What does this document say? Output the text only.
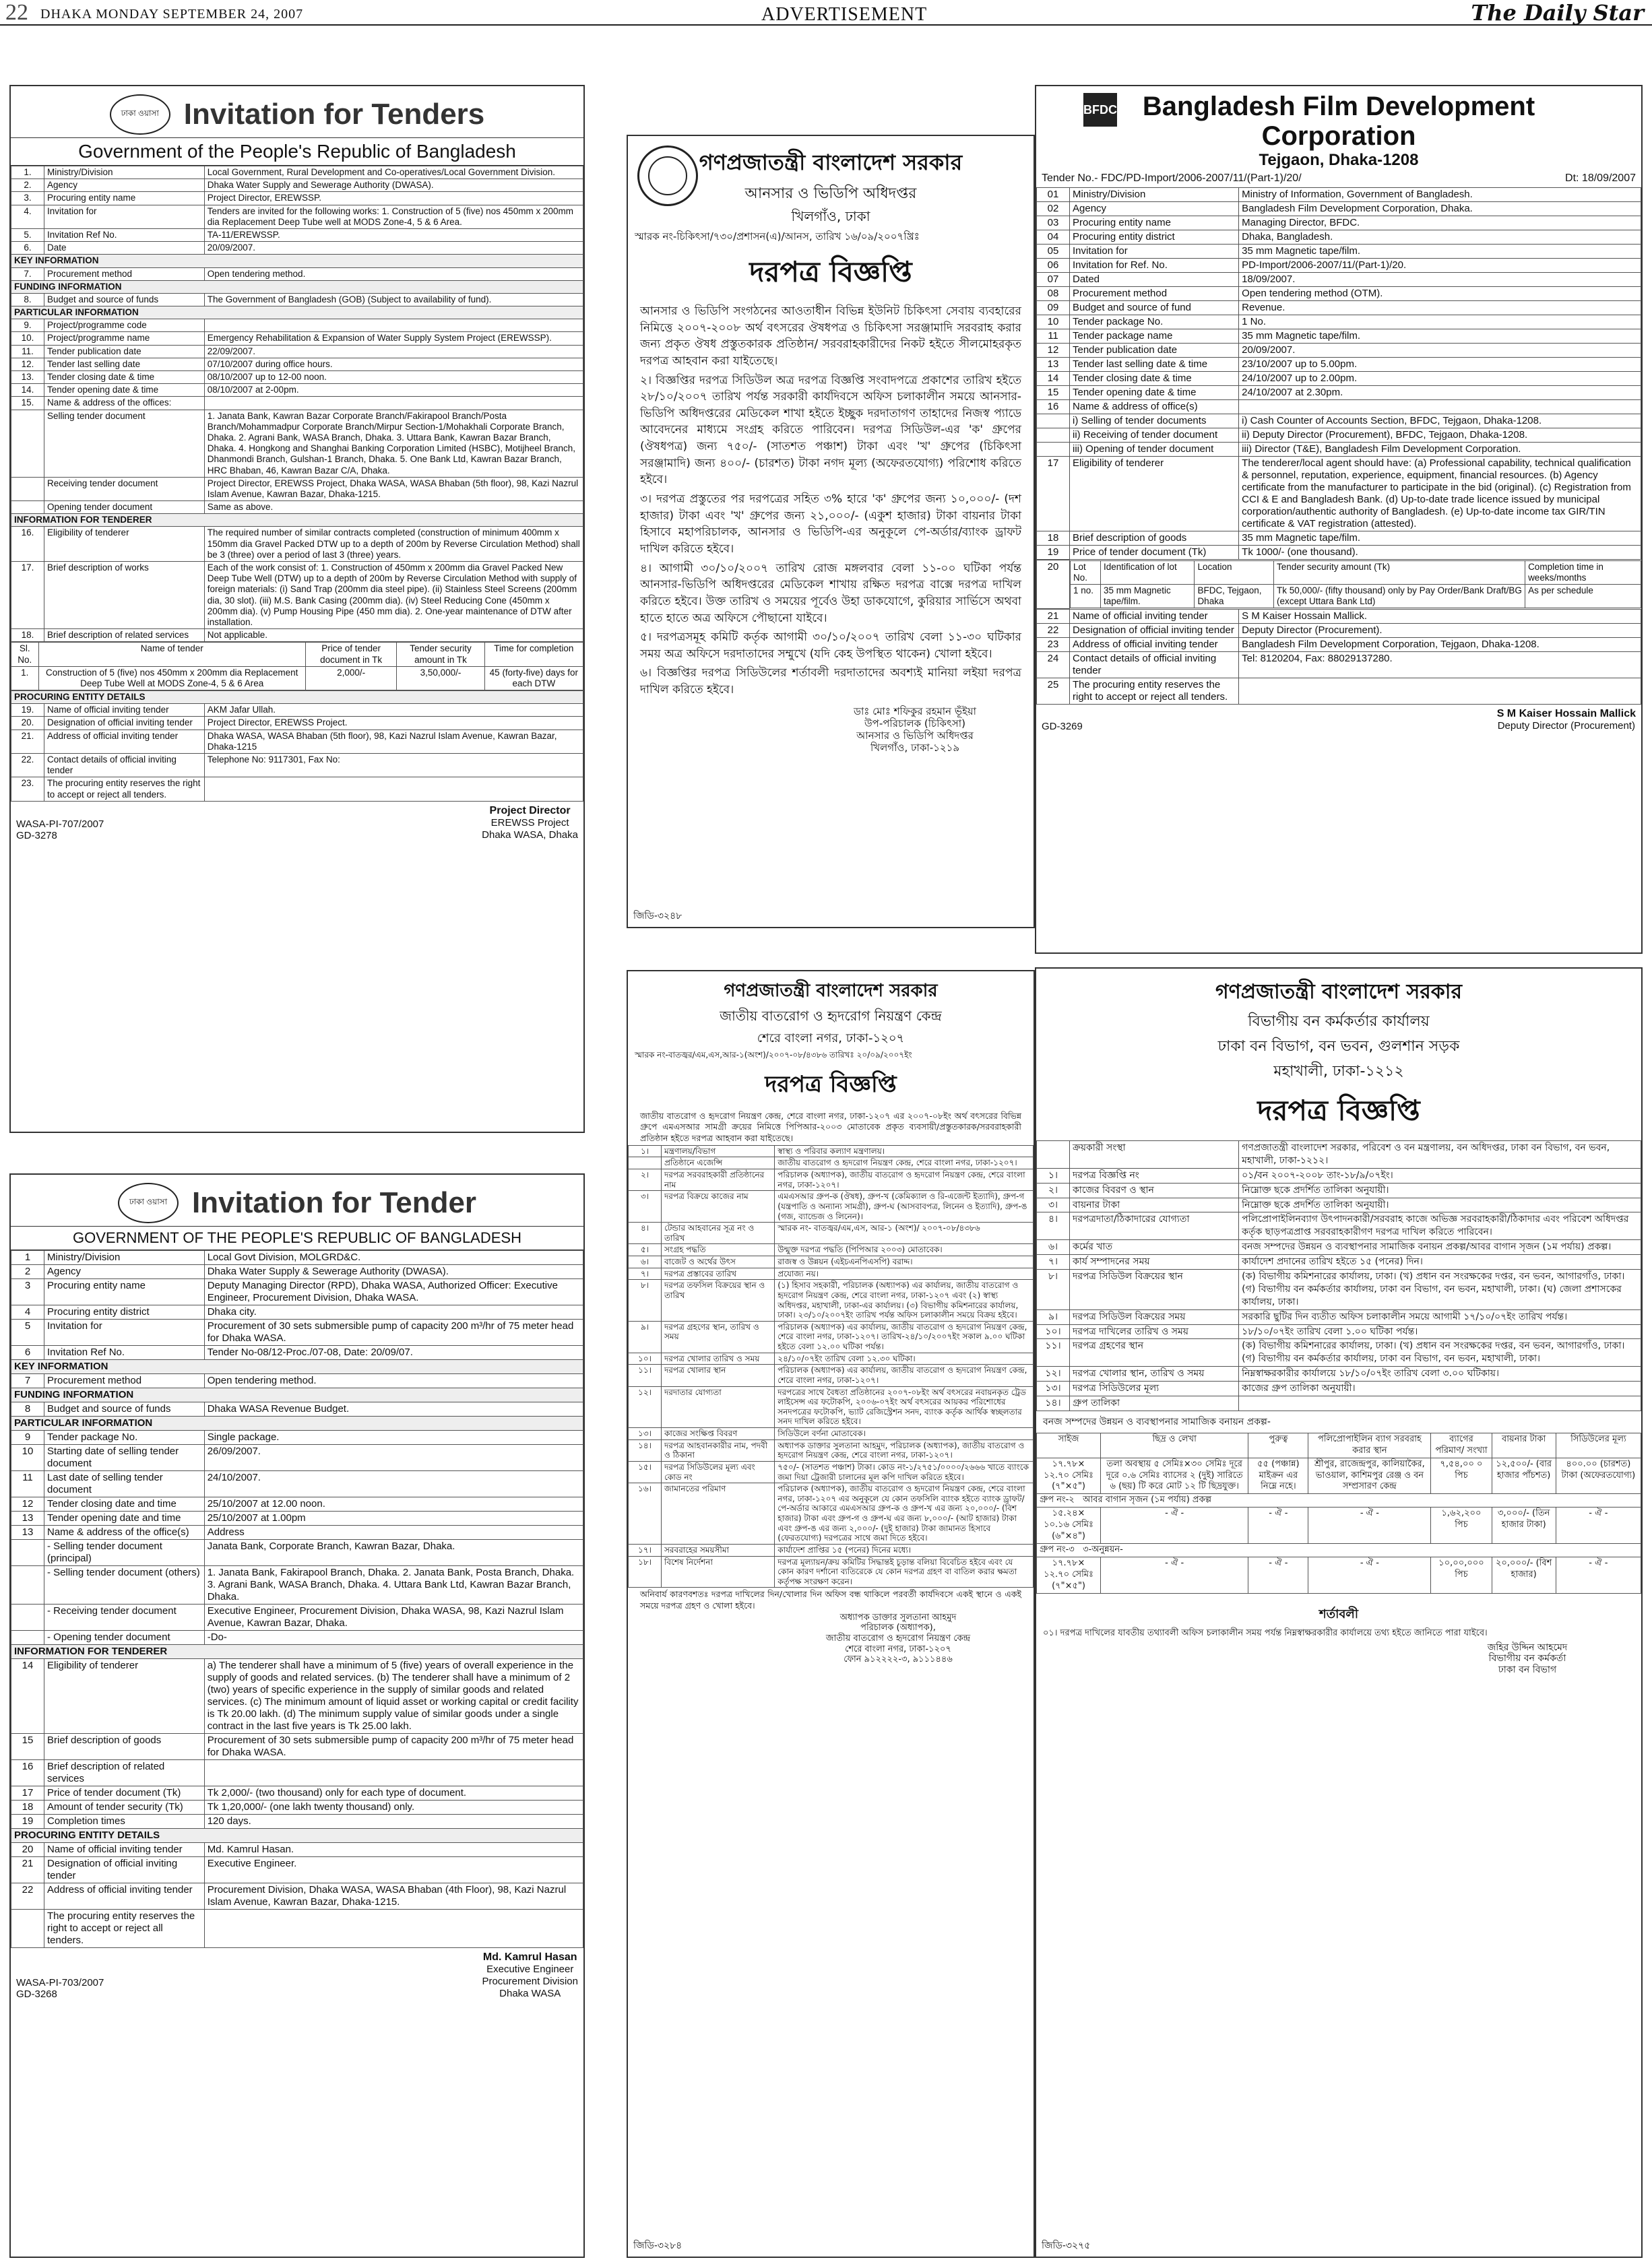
22 DHAKA MONDAY SEPTEMBER 24, 2007	ADVERTISEMENT	The Daily Star
ঢাকা ওয়াসা Invitation for Tenders
Government of the People's Republic of Bangladesh
1.	Ministry/Division	Local Government, Rural Development and Co-operatives/Local Government Division.
2.	Agency	Dhaka Water Supply and Sewerage Authority (DWASA).
3.	Procuring entity name	Project Director, EREWSSP.
4.	Invitation for	Tenders are invited for the following works: 1. Construction of 5 (five) nos 450mm x 200mm dia Replacement Deep Tube well at MODS Zone-4, 5 & 6 Area.
5.	Invitation Ref No.	TA-11/EREWSSP.
6.	Date	20/09/2007.
KEY INFORMATION		
7.	Procurement method	Open tendering method.
FUNDING INFORMATION		
8.	Budget and source of funds	The Government of Bangladesh (GOB) (Subject to availability of fund).
PARTICULAR INFORMATION		
9.	Project/programme code	
10.	Project/programme name	Emergency Rehabilitation & Expansion of Water Supply System Project (EREWSSP).
11.	Tender publication date	22/09/2007.
12.	Tender last selling date	07/10/2007 during office hours.
13.	Tender closing date & time	08/10/2007 up to 12-00 noon.
14.	Tender opening date & time	08/10/2007 at 2-00pm.
15.	Name & address of the offices:	
	Selling tender document	1. Janata Bank, Kawran Bazar Corporate Branch/Fakirapool Branch/Posta Branch/Mohammadpur Corporate Branch/Mirpur Section-1/Mohakhali Corporate Branch, Dhaka. 2. Agrani Bank, WASA Branch, Dhaka. 3. Uttara Bank, Kawran Bazar Branch, Dhaka. 4. Hongkong and Shanghai Banking Corporation Limited (HSBC), Motijheel Branch, Dhanmondi Branch, Gulshan-1 Branch, Dhaka. 5. One Bank Ltd, Kawran Bazar Branch, HRC Bhaban, 46, Kawran Bazar C/A, Dhaka.
	Receiving tender document	Project Director, EREWSS Project, Dhaka WASA, WASA Bhaban (5th floor), 98, Kazi Nazrul Islam Avenue, Kawran Bazar, Dhaka-1215.
	Opening tender document	Same as above.
INFORMATION FOR TENDERER		
16.	Eligibility of tenderer	The required number of similar contracts completed (construction of minimum 400mm x 150mm dia Gravel Packed DTW up to a depth of 200m by Reverse Circulation Method) shall be 3 (three) over a period of last 3 (three) years.
17.	Brief description of works	Each of the work consist of: 1. Construction of 450mm x 200mm dia Gravel Packed New Deep Tube Well (DTW) up to a depth of 200m by Reverse Circulation Method with supply of foreign materials: (i) Sand Trap (200mm dia steel pipe). (ii) Stainless Steel Screens (200mm dia, 30 slot). (iii) M.S. Bank Casing (200mm dia). (iv) Steel Reducing Cone (450mm x 200mm dia). (v) Pump Housing Pipe (450 mm dia). 2. One-year maintenance of DTW after installation.
18.	Brief description of related services	Not applicable.
Sl. No.	Name of tender	Price of tender document in Tk	Tender security amount in Tk	Time for completion
1.	Construction of 5 (five) nos 450mm x 200mm dia Replacement Deep Tube Well at MODS Zone-4, 5 & 6 Area	2,000/-	3,50,000/-	45 (forty-five) days for each DTW
PROCURING ENTITY DETAILS		
19.	Name of official inviting tender	AKM Jafar Ullah.
20.	Designation of official inviting tender	Project Director, EREWSS Project.
21.	Address of official inviting tender	Dhaka WASA, WASA Bhaban (5th floor), 98, Kazi Nazrul Islam Avenue, Kawran Bazar, Dhaka-1215
22.	Contact details of official inviting tender	Telephone No: 9117301, Fax No:
23.	The procuring entity reserves the right to accept or reject all tenders.	
WASA-PI-707/2007
GD-3278
Project Director
EREWSS Project
Dhaka WASA, Dhaka
ঢাকা ওয়াসা Invitation for Tender
GOVERNMENT OF THE PEOPLE'S REPUBLIC OF BANGLADESH
1	Ministry/Division	Local Govt Division, MOLGRD&C.
2	Agency	Dhaka Water Supply & Sewerage Authority (DWASA).
3	Procuring entity name	Deputy Managing Director (RPD), Dhaka WASA, Authorized Officer: Executive Engineer, Procurement Division, Dhaka WASA.
4	Procuring entity district	Dhaka city.
5	Invitation for	Procurement of 30 sets submersible pump of capacity 200 m³/hr of 75 meter head for Dhaka WASA.
6	Invitation Ref No.	Tender No-08/12-Proc./07-08, Date: 20/09/07.
KEY INFORMATION		
7	Procurement method	Open tendering method.
FUNDING INFORMATION		
8	Budget and source of funds	Dhaka WASA Revenue Budget.
PARTICULAR INFORMATION		
9	Tender package No.	Single package.
10	Starting date of selling tender document	26/09/2007.
11	Last date of selling tender document	24/10/2007.
12	Tender closing date and time	25/10/2007 at 12.00 noon.
13	Tender opening date and time	25/10/2007 at 1.00pm
13	Name & address of the office(s)	Address
	- Selling tender document (principal)	Janata Bank, Corporate Branch, Kawran Bazar, Dhaka.
	- Selling tender document (others)	1. Janata Bank, Fakirapool Branch, Dhaka. 2. Janata Bank, Posta Branch, Dhaka. 3. Agrani Bank, WASA Branch, Dhaka. 4. Uttara Bank Ltd, Kawran Bazar Branch, Dhaka.
	- Receiving tender document	Executive Engineer, Procurement Division, Dhaka WASA, 98, Kazi Nazrul Islam Avenue, Kawran Bazar, Dhaka.
	- Opening tender document	-Do-
INFORMATION FOR TENDERER		
14	Eligibility of tenderer	a) The tenderer shall have a minimum of 5 (five) years of overall experience in the supply of goods and related services. (b) The tenderer shall have a minimum of 2 (two) years of specific experience in the supply of similar goods and related services. (c) The minimum amount of liquid asset or working capital or credit facility is Tk 20.00 lakh. (d) The minimum supply value of similar goods under a single contract in the last five years is Tk 25.00 lakh.
15	Brief description of goods	Procurement of 30 sets submersible pump of capacity 200 m³/hr of 75 meter head for Dhaka WASA.
16	Brief description of related services	
17	Price of tender document (Tk)	Tk 2,000/- (two thousand) only for each type of document.
18	Amount of tender security (Tk)	Tk 1,20,000/- (one lakh twenty thousand) only.
19	Completion times	120 days.
PROCURING ENTITY DETAILS		
20	Name of official inviting tender	Md. Kamrul Hasan.
21	Designation of official inviting tender	Executive Engineer.
22	Address of official inviting tender	Procurement Division, Dhaka WASA, WASA Bhaban (4th Floor), 98, Kazi Nazrul Islam Avenue, Kawran Bazar, Dhaka-1215.
	The procuring entity reserves the right to accept or reject all tenders.	
WASA-PI-703/2007
GD-3268
Md. Kamrul Hasan
Executive Engineer
Procurement Division
Dhaka WASA
গণপ্রজাতন্ত্রী বাংলাদেশ সরকার
আনসার ও ভিডিপি অধিদপ্তর
খিলগাঁও, ঢাকা
স্মারক নং-চিকিৎসা/৭৩০/প্রশাসন(এ)/আনস, তারিখ ১৬/০৯/২০০৭খ্রিঃ
দরপত্র বিজ্ঞপ্তি
আনসার ও ভিডিপি সংগঠনের আওতাধীন বিভিন্ন ইউনিট চিকিৎসা সেবায় ব্যবহারের নিমিত্তে ২০০৭-২০০৮ অর্থ বৎসরের ঔষধপত্র ও চিকিৎসা সরঞ্জামাদি সরবরাহ করার জন্য প্রকৃত ঔষধ প্রস্তুতকারক প্রতিষ্ঠান/ সরবরাহকারীদের নিকট হইতে সীলমোহরকৃত দরপত্র আহবান করা যাইতেছে।
২। বিজ্ঞপ্তির দরপত্র সিডিউল অত্র দরপত্র বিজ্ঞপ্তি সংবাদপত্রে প্রকাশের তারিখ হইতে ২৮/১০/২০০৭ তারিখ পর্যন্ত সরকারী কার্যদিবসে অফিস চলাকালীন সময়ে আনসার-ভিডিপি অধিদপ্তরের মেডিকেল শাখা হইতে ইচ্ছুক দরদাতাগণ তাহাদের নিজস্ব প্যাডে আবেদনের মাধ্যমে সংগ্রহ করিতে পারিবেন। দরপত্র সিডিউল-এর 'ক' গ্রুপের (ঔষধপত্র) জন্য ৭৫০/- (সাতশত পঞ্চাশ) টাকা এবং 'খ' গ্রুপের (চিকিৎসা সরঞ্জামাদি) জন্য ৪০০/- (চারশত) টাকা নগদ মূল্য (অফেরতযোগ্য) পরিশোধ করিতে হইবে।
৩। দরপত্র প্রস্তুতের পর দরপত্রের সহিত ৩% হারে 'ক' গ্রুপের জন্য ১০,০০০/- (দশ হাজার) টাকা এবং 'খ' গ্রুপের জন্য ২১,০০০/- (একুশ হাজার) টাকা বায়নার টাকা হিসাবে মহাপরিচালক, আনসার ও ভিডিপি-এর অনুকূলে পে-অর্ডার/ব্যাংক ড্রাফট দাখিল করিতে হইবে।
৪। আগামী ৩০/১০/২০০৭ তারিখ রোজ মঙ্গলবার বেলা ১১-০০ ঘটিকা পর্যন্ত আনসার-ভিডিপি অধিদপ্তরের মেডিকেল শাখায় রক্ষিত দরপত্র বাক্সে দরপত্র দাখিল করিতে হইবে। উক্ত তারিখ ও সময়ের পূর্বেও উহা ডাকযোগে, কুরিয়ার সার্ভিসে অথবা হাতে হাতে অত্র অফিসে পৌছানো যাইবে।
৫। দরপত্রসমূহ কমিটি কর্তৃক আগামী ৩০/১০/২০০৭ তারিখ বেলা ১১-৩০ ঘটিকার সময় অত্র অফিসে দরদাতাদের সম্মুখে (যদি কেহ উপস্থিত থাকেন) খোলা হইবে।
৬। বিজ্ঞপ্তির দরপত্র সিডিউলের শর্তাবলী দরদাতাদের অবশ্যই মানিয়া লইয়া দরপত্র দাখিল করিতে হইবে।
ডাঃ মোঃ শফিকুর রহমান ভূঁইয়া
উপ-পরিচালক (চিকিৎসা)
আনসার ও ভিডিপি অধিদপ্তর
খিলগাঁও, ঢাকা-১২১৯
জিডি-৩২৪৮
গণপ্রজাতন্ত্রী বাংলাদেশ সরকার
জাতীয় বাতরোগ ও হৃদরোগ নিয়ন্ত্রণ কেন্দ্র
শেরে বাংলা নগর, ঢাকা-১২০৭
স্মারক নং-বাতজ্বর/এম,এস,আর-১(অংশ)/২০০৭-০৮/৪৩৮৬ তারিখঃ ২০/০৯/২০০৭ইং
দরপত্র বিজ্ঞপ্তি
জাতীয় বাতরোগ ও হৃদরোগ নিয়ন্ত্রণ কেন্দ্র, শেরে বাংলা নগর, ঢাকা-১২০৭ এর ২০০৭-০৮ইং অর্থ বৎসরের বিভিন্ন গ্রুপে এমএসআর সামগ্রী ক্রয়ের নিমিত্তে পিপিআর-২০০৩ মোতাবেক প্রকৃত ব্যবসায়ী/প্রস্তুতকারক/সরবরাহকারী প্রতিষ্ঠান হইতে দরপত্র আহবান করা যাইতেছে।
১।	মন্ত্রণালয়/বিভাগ	স্বাস্থ্য ও পরিবার কল্যাণ মন্ত্রণালয়।
	প্রতিষ্ঠানে এজেন্সি	জাতীয় বাতরোগ ও হৃদরোগ নিয়ন্ত্রণ কেন্দ্র, শেরে বাংলা নগর, ঢাকা-১২০৭।
২।	দরপত্র সরবরাহকারী প্রতিষ্ঠানের নাম	পরিচালক (অধ্যাপক), জাতীয় বাতরোগ ও হৃদরোগ নিয়ন্ত্রণ কেন্দ্র, শেরে বাংলা নগর, ঢাকা-১২০৭।
৩।	দরপত্র বিক্রয়ে কাজের নাম	এমএসআর গ্রুপ-ক (ঔষধ), গ্রুপ-খ (কেমিক্যাল ও রি-এজেন্ট ইত্যাদি), গ্রুপ-গ (যন্ত্রপাতি ও অন্যান্য সামগ্রী), গ্রুপ-ঘ (আসবাবপত্র, লিনেন ও ইত্যাদি), গ্রুপ-ঙ (গজ, ব্যান্ডেজ ও লিনেন)।
৪।	টেন্ডার আহবানের সূত্র নং ও তারিখ	স্মারক নং- বাতজ্বর/এম,এস, আর-১ (অংশ)/ ২০০৭-০৮/৪৩৮৬
৫।	সংগ্রহ পদ্ধতি	উন্মুক্ত দরপত্র পদ্ধতি (পিপিআর ২০০৩) মোতাবেক।
৬।	বাজেট ও অর্থের উৎস	রাজস্ব ও উন্নয়ন (এইচএনপিএসপি) বরাদ্দ।
৭।	দরপত্র প্রস্তাবের তারিখ	প্রযোজ্য নয়।
৮।	দরপত্র তফসিল বিক্রয়ের স্থান ও তারিখ	(১) হিসাব সহকারী, পরিচালক (অধ্যাপক) এর কার্যালয়, জাতীয় বাতরোগ ও হৃদরোগ নিয়ন্ত্রণ কেন্দ্র, শেরে বাংলা নগর, ঢাকা-১২০৭ এবং (২) স্বাস্থ্য অধিদপ্তর, মহাখালী, ঢাকা-এর কার্যালয়। (৩) বিভাগীয় কমিশনারের কার্যালয়, ঢাকা। ২৩/১০/২০০৭ইং তারিখ পর্যন্ত অফিস চলাকালীন সময়ে বিক্রয় হইবে।
৯।	দরপত্র গ্রহণের স্থান, তারিখ ও সময়	পরিচালক (অধ্যাপক) এর কার্যালয়, জাতীয় বাতরোগ ও হৃদরোগ নিয়ন্ত্রণ কেন্দ্র, শেরে বাংলা নগর, ঢাকা-১২০৭। তারিখ-২৪/১০/২০০৭ইং সকাল ৯.০০ ঘটিকা হইতে বেলা ১২.০০ ঘটিকা পর্যন্ত।
১০।	দরপত্র খোলার তারিখ ও সময়	২৪/১০/০৭ইং তারিখ বেলা ১২.৩০ ঘটিকা।
১১।	দরপত্র খোলার স্থান	পরিচালক (অধ্যাপক) এর কার্যালয়, জাতীয় বাতরোগ ও হৃদরোগ নিয়ন্ত্রণ কেন্দ্র, শেরে বাংলা নগর, ঢাকা-১২০৭।
১২।	দরদাতার যোগ্যতা	দরপত্রের সাথে বৈধতা প্রতিষ্ঠানের ২০০৭-০৮ইং অর্থ বৎসরের নবায়নকৃত ট্রেড লাইসেন্স এর ফটোকপি, ২০০৬-০৭ইং অর্থ বৎসরের আয়কর পরিশোধের সনদপত্রের ফটোকপি, ভ্যাট রেজিস্ট্রেশন সনদ, ব্যাংক কর্তৃক আর্থিক স্বচ্ছলতার সনদ দাখিল করিতে হইবে।
১৩।	কাজের সংক্ষিপ্ত বিবরণ	সিডিউলে বর্ণনা মোতাবেক।
১৪।	দরপত্র আহবানকারীর নাম, পদবী ও ঠিকানা	অধ্যাপক ডাক্তার সুলতানা আহমুদ, পরিচালক (অধ্যাপক), জাতীয় বাতরোগ ও হৃদরোগ নিয়ন্ত্রণ কেন্দ্র, শেরে বাংলা নগর, ঢাকা-১২০৭।
১৫।	দরপত্র সিডিউলের মূল্য এবং কোড নং	৭৫০/- (সাতশত পঞ্চাশ) টাকা। কোড নং-১/২৭৫১/০০০০/২৬৬৬ খাতে ব্যাংকে জমা দিয়া ট্রেজারী চালানের মূল কপি দাখিল করিতে হইবে।
১৬।	জামানতের পরিমাণ	পরিচালক (অধ্যাপক), জাতীয় বাতরোগ ও হৃদরোগ নিয়ন্ত্রণ কেন্দ্র, শেরে বাংলা নগর, ঢাকা-১২০৭ এর অনুকূলে যে কোন তফসিলি ব্যাংক হইতে ব্যাংক ড্রাফট/পে-অর্ডার আকারে এমএসআর গ্রুপ-ক ও গ্রুপ-খ এর জন্য ২০,০০০/- (বিশ হাজার) টাকা এবং গ্রুপ-গ ও গ্রুপ-ঘ এর জন্য ৮,০০০/- (আট হাজার) টাকা এবং গ্রুপ-ঙ এর জন্য ২,০০০/- (দুই হাজার) টাকা জামানত হিসাবে (ফেরতযোগ্য) দরপত্রের সাথে জমা দিতে হইবে।
১৭।	সরবরাহের সময়সীমা	কার্যাদেশ প্রাপ্তির ১৫ (পনের) দিনের মধ্যে।
১৮।	বিশেষ নির্দেশনা	দরপত্র মূল্যায়ন/ক্রয় কমিটির সিদ্ধান্তই চূড়ান্ত বলিয়া বিবেচিত হইবে এবং যে কোন কারণ দর্শানো ব্যতিরেকে যে কোন দরপত্র গ্রহণ বা বাতিল করার ক্ষমতা কর্তৃপক্ষ সংরক্ষণ করেন।
অনিবার্য কারণবশতঃ দরপত্র দাখিলের দিন/খোলার দিন অফিস বন্ধ থাকিলে পরবর্তী কার্যদিবসে একই স্থানে ও একই সময়ে দরপত্র গ্রহণ ও খোলা হইবে।
অধ্যাপক ডাক্তার সুলতানা আহমুদ
পরিচালক (অধ্যাপক),
জাতীয় বাতরোগ ও হৃদরোগ নিয়ন্ত্রণ কেন্দ্র
শেরে বাংলা নগর, ঢাকা-১২০৭
ফোন ৯১২২২২-৩, ৯১১১৪৪৬
জিডি-৩২৮৪
BFDC Bangladesh Film Development
Corporation
Tejgaon, Dhaka-1208
Tender No.- FDC/PD-Import/2006-2007/11/(Part-1)/20/	Dt: 18/09/2007
01	Ministry/Division	Ministry of Information, Government of Bangladesh.
02	Agency	Bangladesh Film Development Corporation, Dhaka.
03	Procuring entity name	Managing Director, BFDC.
04	Procuring entity district	Dhaka, Bangladesh.
05	Invitation for	35 mm Magnetic tape/film.
06	Invitation for Ref. No.	PD-Import/2006-2007/11/(Part-1)/20.
07	Dated	18/09/2007.
08	Procurement method	Open tendering method (OTM).
09	Budget and source of fund	Revenue.
10	Tender package No.	1 No.
11	Tender package name	35 mm Magnetic tape/film.
12	Tender publication date	20/09/2007.
13	Tender last selling date & time	23/10/2007 up to 5.00pm.
14	Tender closing date & time	24/10/2007 up to 2.00pm.
15	Tender opening date & time	24/10/2007 at 2.30pm.
16	Name & address of office(s)	
	i) Selling of tender documents	i) Cash Counter of Accounts Section, BFDC, Tejgaon, Dhaka-1208.
	ii) Receiving of tender document	ii) Deputy Director (Procurement), BFDC, Tejgaon, Dhaka-1208.
	iii) Opening of tender document	iii) Director (T&E), Bangladesh Film Development Corporation.
17	Eligibility of tenderer	The tenderer/local agent should have: (a) Professional capability, technical qualification & personnel, reputation, experience, equipment, financial resources. (b) Agency certificate from the manufacturer to participate in the bid (original). (c) Registration from CCI & E and Bangladesh Bank. (d) Up-to-date trade licence issued by municipal corporation/authentic authority of Bangladesh. (e) Up-to-date income tax GIR/TIN certificate & VAT registration (attested).
18	Brief description of goods	35 mm Magnetic tape/film.
19	Price of tender document (Tk)	Tk 1000/- (one thousand).
20	Lot No.	Identification of lot	Location	Tender security amount (Tk)	Completion time in weeks/months
1 no.	35 mm Magnetic tape/film.	BFDC, Tejgaon, Dhaka	Tk 50,000/- (fifty thousand) only by Pay Order/Bank Draft/BG (except Uttara Bank Ltd)	As per schedule
21	Name of official inviting tender	S M Kaiser Hossain Mallick.
22	Designation of official inviting tender	Deputy Director (Procurement).
23	Address of official inviting tender	Bangladesh Film Development Corporation, Tejgaon, Dhaka-1208.
24	Contact details of official inviting tender	Tel: 8120204, Fax: 88029137280.
25	The procuring entity reserves the right to accept or reject all tenders.	
GD-3269
S M Kaiser Hossain Mallick
Deputy Director (Procurement)
গণপ্রজাতন্ত্রী বাংলাদেশ সরকার
বিভাগীয় বন কর্মকর্তার কার্যালয়
ঢাকা বন বিভাগ, বন ভবন, গুলশান সড়ক
মহাখালী, ঢাকা-১২১২
দরপত্র বিজ্ঞপ্তি
	ক্রয়কারী সংস্থা	গণপ্রজাতন্ত্রী বাংলাদেশ সরকার, পরিবেশ ও বন মন্ত্রণালয়, বন অধিদপ্তর, ঢাকা বন বিভাগ, বন ভবন, মহাখালী, ঢাকা-১২১২।
১।	দরপত্র বিজ্ঞপ্তি নং	০১/বন ২০০৭-২০০৮ তাং-১৮/৯/০৭ইং।
২।	কাজের বিবরণ ও স্থান	নিম্নোক্ত ছকে প্রদর্শিত তালিকা অনুযায়ী।
৩।	বায়নার টাকা	নিম্নোক্ত ছকে প্রদর্শিত তালিকা অনুযায়ী।
৪।	দরপত্রদাতা/ঠিকাদারের যোগ্যতা	পলিপ্রোপাইলিনব্যাগ উৎপাদনকারী/সরবরাহ কাজে অভিজ্ঞ সরবরাহকারী/ঠিকাদার এবং পরিবেশ অধিদপ্তর কর্তৃক ছাড়পত্রপ্রাপ্ত সরবরাহকারীগণ দরপত্র দাখিল করিতে পারিবেন।
৬।	কর্মের খাত	বনজ সম্পদের উন্নয়ন ও ব্যবস্থাপনার সামাজিক বনায়ন প্রকল্প/আবর বাগান সৃজন (১ম পর্যায়) প্রকল্প।
৭।	কার্য সম্পাদনের সময়	কার্যাদেশ প্রদানের তারিখ হইতে ১৫ (পনের) দিন।
৮।	দরপত্র সিডিউল বিক্রয়ের স্থান	(ক) বিভাগীয় কমিশনারের কার্যালয়, ঢাকা। (খ) প্রধান বন সংরক্ষকের দপ্তর, বন ভবন, আগারগাঁও, ঢাকা। (গ) বিভাগীয় বন কর্মকর্তার কার্যালয়, ঢাকা বন বিভাগ, বন ভবন, মহাখালী, ঢাকা। (ঘ) জেলা প্রশাসকের কার্যালয়, ঢাকা।
৯।	দরপত্র সিডিউল বিক্রয়ের সময়	সরকারি ছুটির দিন ব্যতীত অফিস চলাকালীন সময়ে আগামী ১৭/১০/০৭ইং তারিখ পর্যন্ত।
১০।	দরপত্র দাখিলের তারিখ ও সময়	১৮/১০/০৭ইং তারিখ বেলা ১.০০ ঘটিকা পর্যন্ত।
১১।	দরপত্র গ্রহণের স্থান	(ক) বিভাগীয় কমিশনারের কার্যালয়, ঢাকা। (খ) প্রধান বন সংরক্ষকের দপ্তর, বন ভবন, আগারগাঁও, ঢাকা। (গ) বিভাগীয় বন কর্মকর্তার কার্যালয়, ঢাকা বন বিভাগ, বন ভবন, মহাখালী, ঢাকা।
১২।	দরপত্র খোলার স্থান, তারিখ ও সময়	নিম্নস্বাক্ষরকারীর কার্যালয়ে ১৮/১০/০৭ইং তারিখ বেলা ৩.০০ ঘটিকায়।
১৩।	দরপত্র সিডিউলের মূল্য	কাজের গ্রুপ তালিকা অনুযায়ী।
১৪।	গ্রুপ তালিকা	
বনজ সম্পদের উন্নয়ন ও ব্যবস্থাপনার সামাজিক বনায়ন প্রকল্প-
সাইজ	ছিদ্র ও লেখা	পুরুত্ব	পলিপ্রোপাইলিন ব্যাগ সরবরাহ করার স্থান	ব্যাগের পরিমাণ/ সংখ্যা	বায়নার টাকা	সিডিউলের মূল্য
১৭.৭৮× ১২.৭০ সেমিঃ (৭"×৫")	তলা অবস্থায় ৫ সেমিঃ×৩০ সেমিঃ দূরে দূরে ০.৬ সেমিঃ ব্যাসের ২ (দুই) সারিতে ৬ (ছয়) টি করে মোট ১২ টি ছিদ্রযুক্ত।	৫৫ (পঞ্চান্ন) মাইক্রন এর নিম্নে নহে।	শ্রীপুর, রাজেন্দ্রপুর, কালিয়াকৈর, ভাওয়াল, কাশিমপুর রেঞ্জ ও বন সম্প্রসারণ কেন্দ্র	৭,৫৪,০০ ০ পিচ	১২,৫০০/- (বার হাজার পাঁচশত)	৪০০.০০ (চারশত) টাকা (অফেরতযোগ্য)
গ্রুপ নং-২ আবর বাগান সৃজন (১ম পর্যায়) প্রকল্প						
১৫.২৪× ১০.১৬ সেমিঃ (৬"×৪")	- ঐ -	- ঐ -	- ঐ -	১,৬২,২০০ পিচ	৩,০০০/- (তিন হাজার টাকা)	- ঐ -
গ্রুপ নং-৩ ৩-অনুন্নয়ন-						
১৭.৭৮× ১২.৭০ সেমিঃ (৭"×৫")	- ঐ -	- ঐ -	- ঐ -	১০,০০,০০০ পিচ	২০,০০০/- (বিশ হাজার)	- ঐ -
শর্তাবলী
০১। দরপত্র দাখিলের যাবতীয় তথ্যাবলী অফিস চলাকালীন সময় পর্যন্ত নিম্নস্বাক্ষরকারীর কার্যালয়ে তথ্য হইতে জানিতে পারা যাইবে।
জহির উদ্দিন আহমেদ
বিভাগীয় বন কর্মকর্তা
ঢাকা বন বিভাগ
জিডি-৩২৭৫
